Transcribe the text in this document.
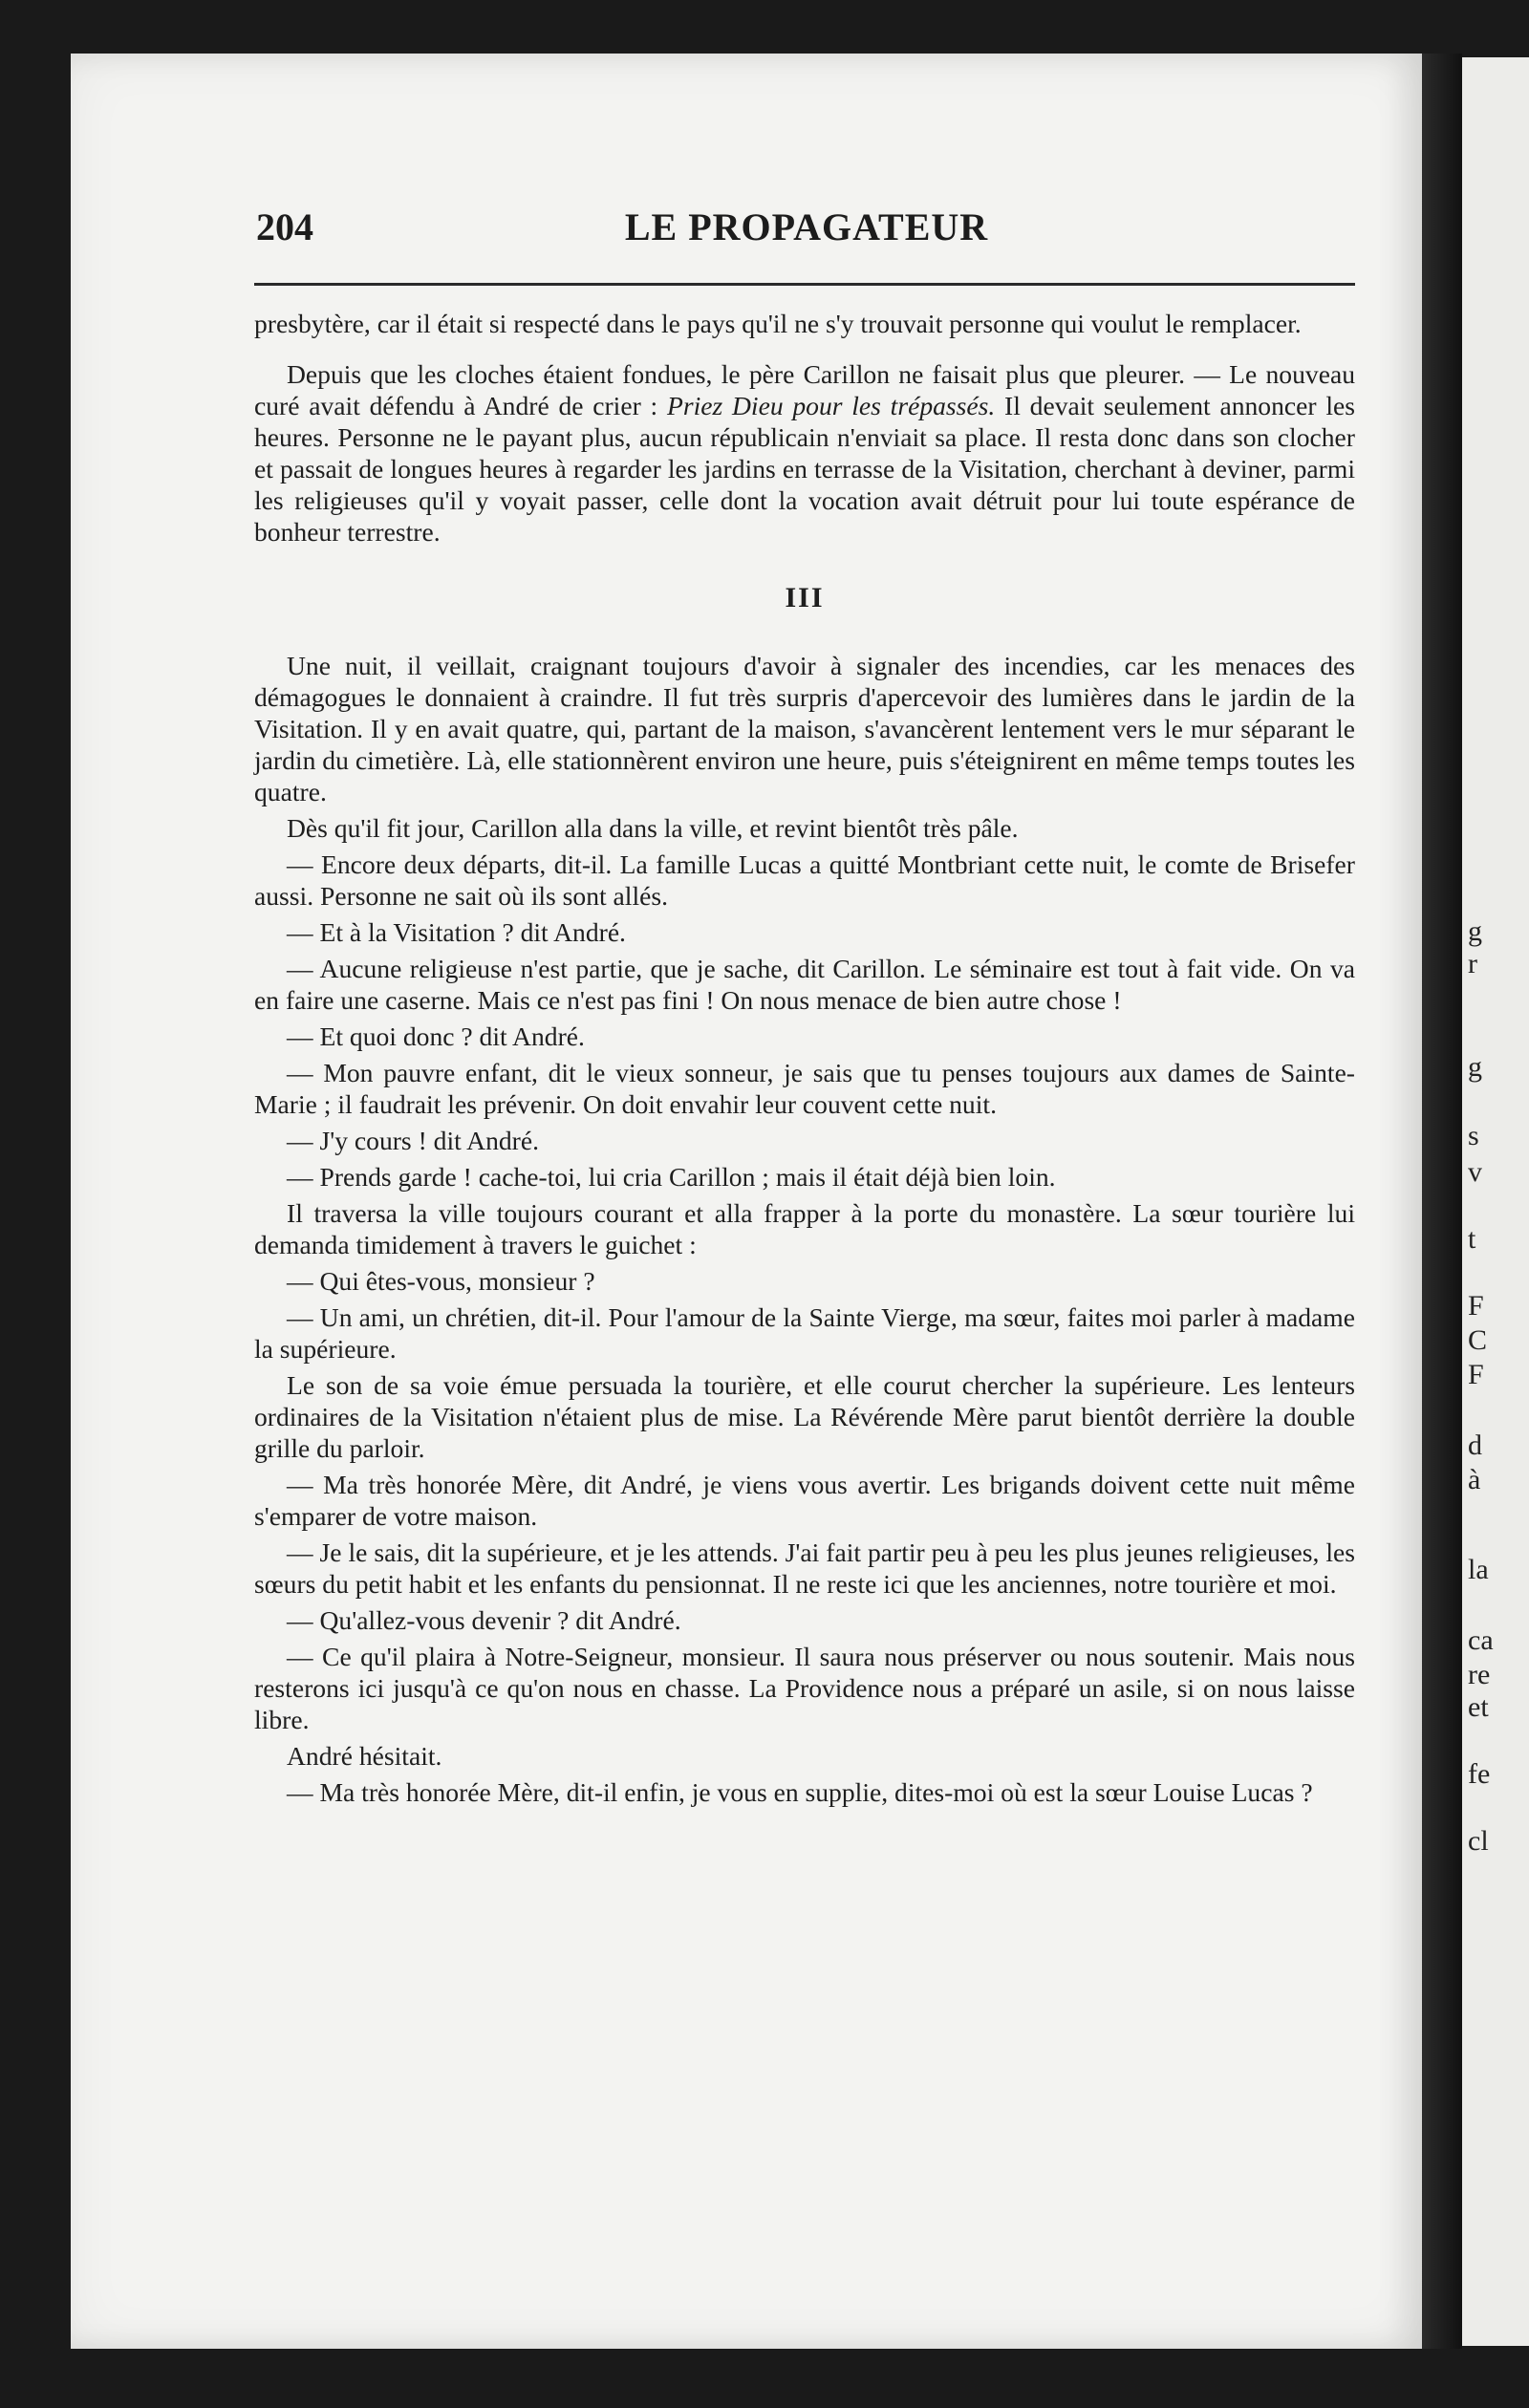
g
r
g
s
v
t
F
C
F
d
à
la
ca
re
et
fe
cl
204	LE PROPAGATEUR

presbytère, car il était si respecté dans le pays qu'il ne s'y trouvait personne qui voulut le remplacer.

Depuis que les cloches étaient fondues, le père Carillon ne faisait plus que pleurer. — Le nouveau curé avait défendu à André de crier : Priez Dieu pour les trépassés. Il devait seulement annoncer les heures. Personne ne le payant plus, aucun républicain n'enviait sa place. Il resta donc dans son clocher et passait de longues heures à regarder les jardins en terrasse de la Visitation, cherchant à deviner, parmi les religieuses qu'il y voyait passer, celle dont la vocation avait détruit pour lui toute espérance de bonheur terrestre.

III

Une nuit, il veillait, craignant toujours d'avoir à signaler des incendies, car les menaces des démagogues le donnaient à craindre. Il fut très surpris d'apercevoir des lumières dans le jardin de la Visitation. Il y en avait quatre, qui, partant de la maison, s'avancèrent lentement vers le mur séparant le jardin du cimetière. Là, elle stationnèrent environ une heure, puis s'éteignirent en même temps toutes les quatre.

Dès qu'il fit jour, Carillon alla dans la ville, et revint bientôt très pâle.

— Encore deux départs, dit-il. La famille Lucas a quitté Montbriant cette nuit, le comte de Brisefer aussi. Personne ne sait où ils sont allés.

— Et à la Visitation ? dit André.

— Aucune religieuse n'est partie, que je sache, dit Carillon. Le séminaire est tout à fait vide. On va en faire une caserne. Mais ce n'est pas fini ! On nous menace de bien autre chose !

— Et quoi donc ? dit André.

— Mon pauvre enfant, dit le vieux sonneur, je sais que tu penses toujours aux dames de Sainte-Marie ; il faudrait les prévenir. On doit envahir leur couvent cette nuit.

— J'y cours ! dit André.

— Prends garde ! cache-toi, lui cria Carillon ; mais il était déjà bien loin.

Il traversa la ville toujours courant et alla frapper à la porte du monastère. La sœur tourière lui demanda timidement à travers le guichet :

— Qui êtes-vous, monsieur ?

— Un ami, un chrétien, dit-il. Pour l'amour de la Sainte Vierge, ma sœur, faites moi parler à madame la supérieure.

Le son de sa voie émue persuada la tourière, et elle courut chercher la supérieure. Les lenteurs ordinaires de la Visitation n'étaient plus de mise. La Révérende Mère parut bientôt derrière la double grille du parloir.

— Ma très honorée Mère, dit André, je viens vous avertir. Les brigands doivent cette nuit même s'emparer de votre maison.

— Je le sais, dit la supérieure, et je les attends. J'ai fait partir peu à peu les plus jeunes religieuses, les sœurs du petit habit et les enfants du pensionnat. Il ne reste ici que les anciennes, notre tourière et moi.

— Qu'allez-vous devenir ? dit André.

— Ce qu'il plaira à Notre-Seigneur, monsieur. Il saura nous préserver ou nous soutenir. Mais nous resterons ici jusqu'à ce qu'on nous en chasse. La Providence nous a préparé un asile, si on nous laisse libre.

André hésitait.

— Ma très honorée Mère, dit-il enfin, je vous en supplie, dites-moi où est la sœur Louise Lucas ?
